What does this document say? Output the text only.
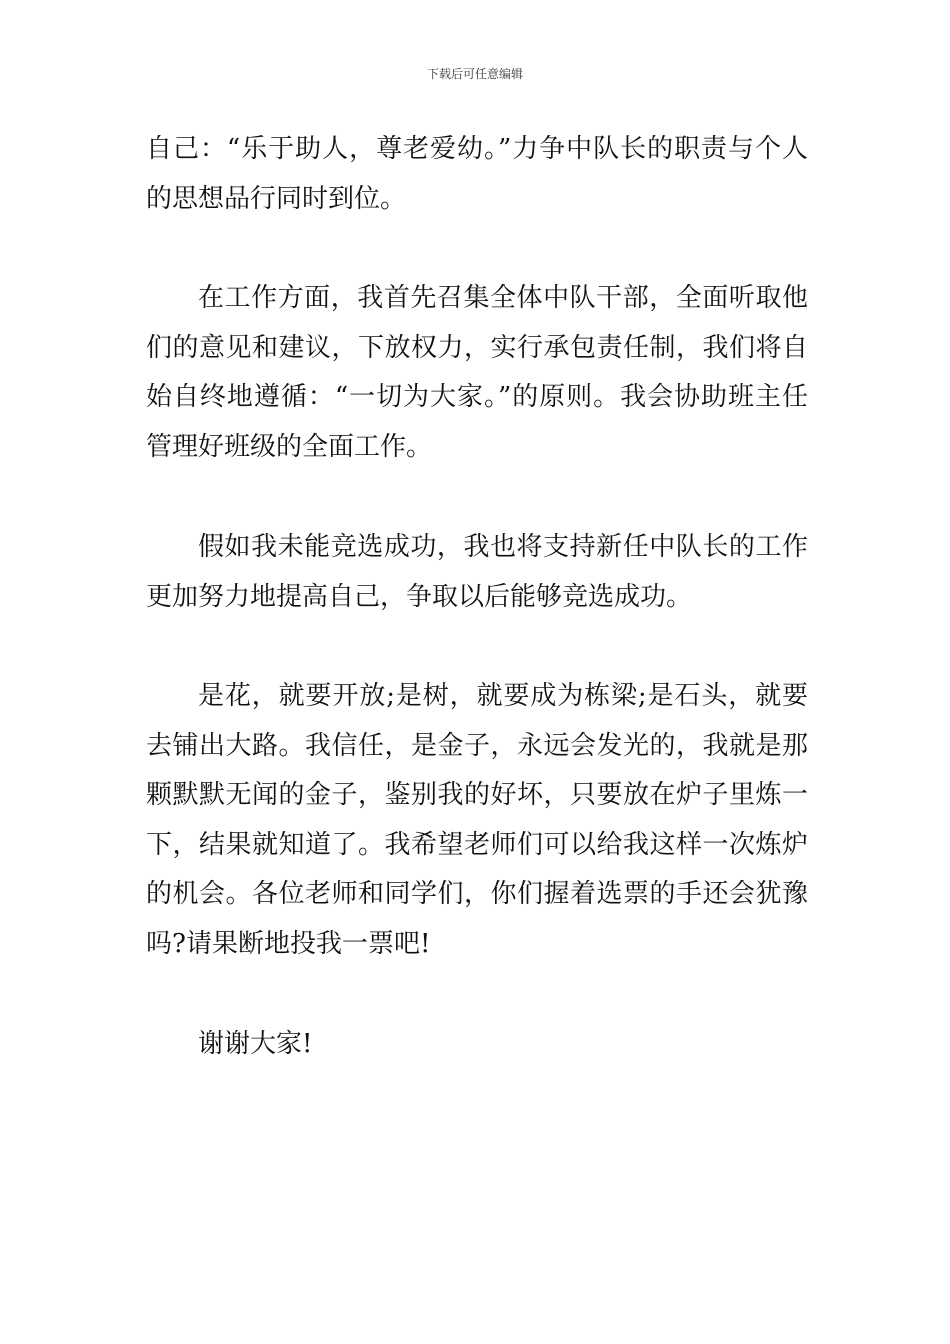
下载后可任意编辑

自己：“乐于助人，尊老爱幼。”力争中队长的职责与个人的思想品行同时到位。

在工作方面，我首先召集全体中队干部，全面听取他们的意见和建议，下放权力，实行承包责任制，我们将自始自终地遵循：“一切为大家。”的原则。我会协助班主任管理好班级的全面工作。

假如我未能竞选成功，我也将支持新任中队长的工作更加努力地提高自己，争取以后能够竞选成功。

是花，就要开放;是树，就要成为栋梁;是石头，就要去铺出大路。我信任，是金子，永远会发光的，我就是那颗默默无闻的金子，鉴别我的好坏，只要放在炉子里炼一下，结果就知道了。我希望老师们可以给我这样一次炼炉的机会。各位老师和同学们，你们握着选票的手还会犹豫吗?请果断地投我一票吧!

谢谢大家!
